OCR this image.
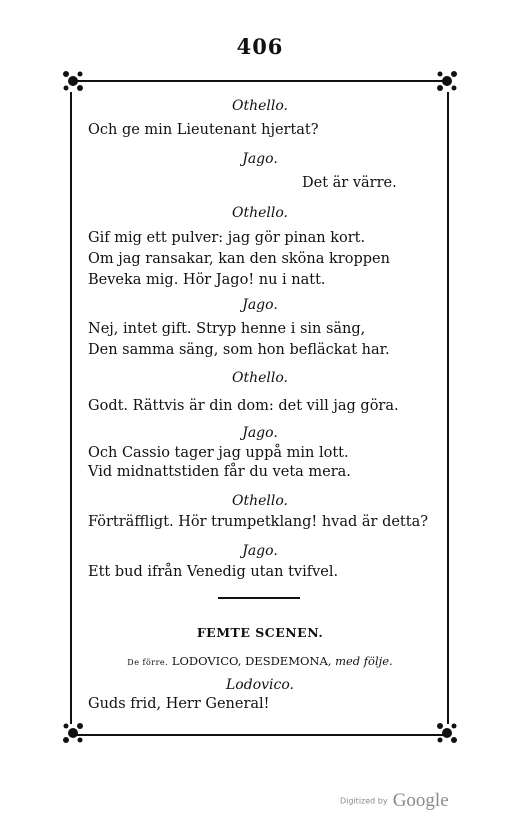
406
Othello.
Och ge min Lieutenant hjertat?
Jago.
Det är värre.
Othello.
Gif mig ett pulver: jag gör pinan kort.
Om jag ransakar, kan den sköna kroppen
Beveka mig. Hör Jago! nu i natt.
Jago.
Nej, intet gift. Stryp henne i sin säng,
Den samma säng, som hon befläckat har.
Othello.
Godt. Rättvis är din dom: det vill jag göra.
Jago.
Och Cassio tager jag uppå min lott.
Vid midnattstiden får du veta mera.
Othello.
Förträffligt. Hör trumpetklang! hvad är detta?
Jago.
Ett bud ifrån Venedig utan tvifvel.
FEMTE SCENEN.
De förre. LODOVICO, DESDEMONA, med följe.
Lodovico.
Guds frid, Herr General!
Digitized by Google
